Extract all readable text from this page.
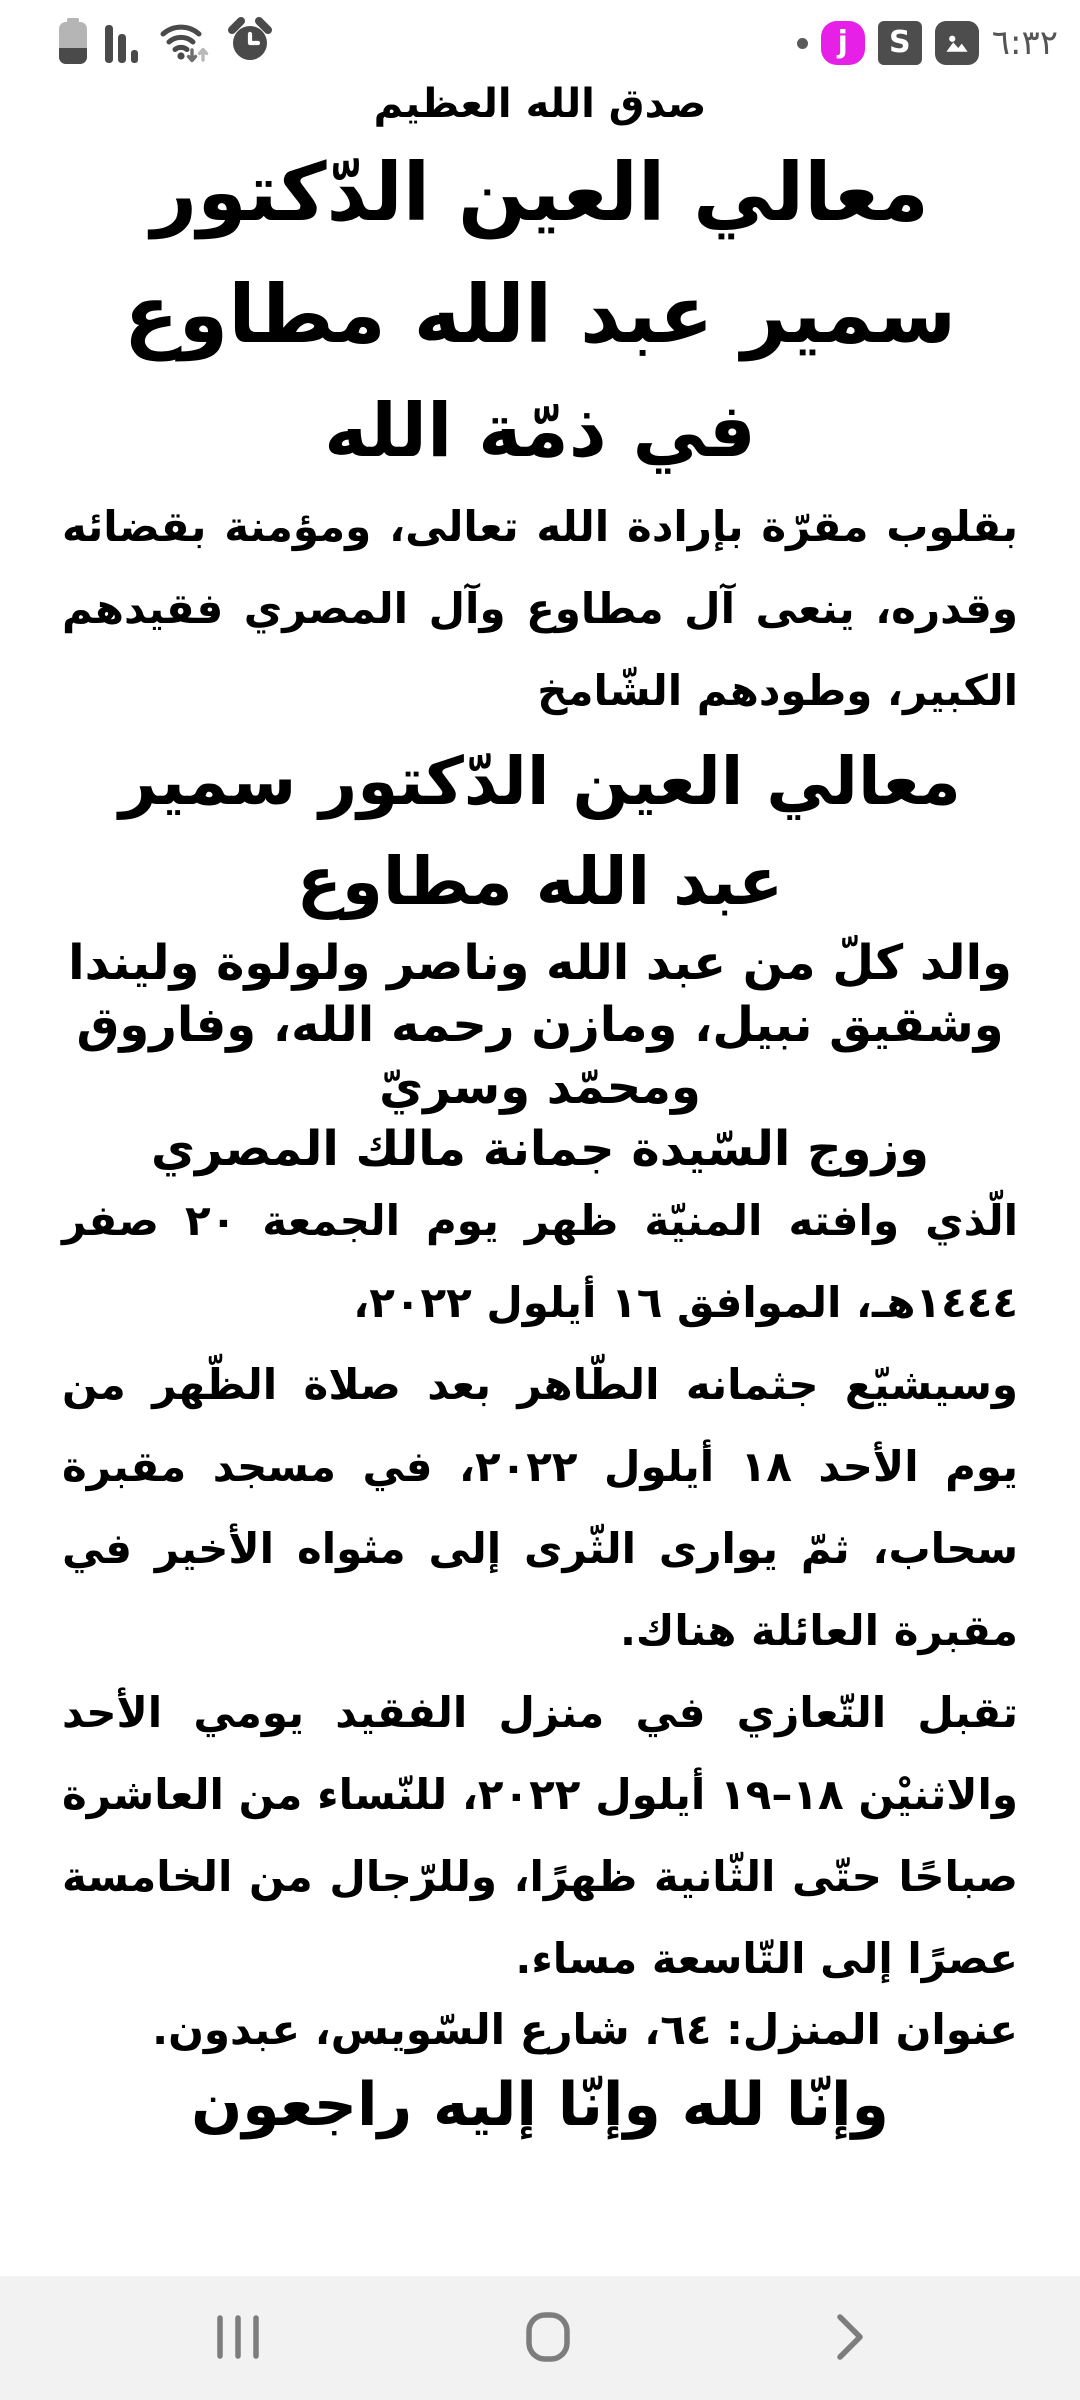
j S ٦:٣٢

صدق الله العظيم

معالي العين الدّكتور سمير عبد الله مطاوع
في ذمّة الله

بقلوب مقرّة بإرادة الله تعالى، ومؤمنة بقضائه وقدره، ينعى آل مطاوع وآل المصري فقيدهم الكبير، وطودهم الشّامخ

معالي العين الدّكتور سمير عبد الله مطاوع

والد كلّ من عبد الله وناصر ولولوة وليندا

وشقيق نبيل، ومازن رحمه الله، وفاروق ومحمّد وسريّ

وزوج السّيدة جمانة مالك المصري

الّذي وافته المنيّة ظهر يوم الجمعة ٢٠ صفر ١٤٤٤هـ، الموافق ١٦ أيلول ٢٠٢٢،

وسيشيّع جثمانه الطّاهر بعد صلاة الظّهر من يوم الأحد ١٨ أيلول ٢٠٢٢، في مسجد مقبرة سحاب، ثمّ يوارى الثّرى إلى مثواه الأخير في مقبرة العائلة هناك.

تقبل التّعازي في منزل الفقيد يومي الأحد والاثنيْن ١٨–١٩ أيلول ٢٠٢٢، للنّساء من العاشرة صباحًا حتّى الثّانية ظهرًا، وللرّجال من الخامسة عصرًا إلى التّاسعة مساء.

عنوان المنزل: ٦٤، شارع السّويس، عبدون.

وإنّا لله وإنّا إليه راجعون
